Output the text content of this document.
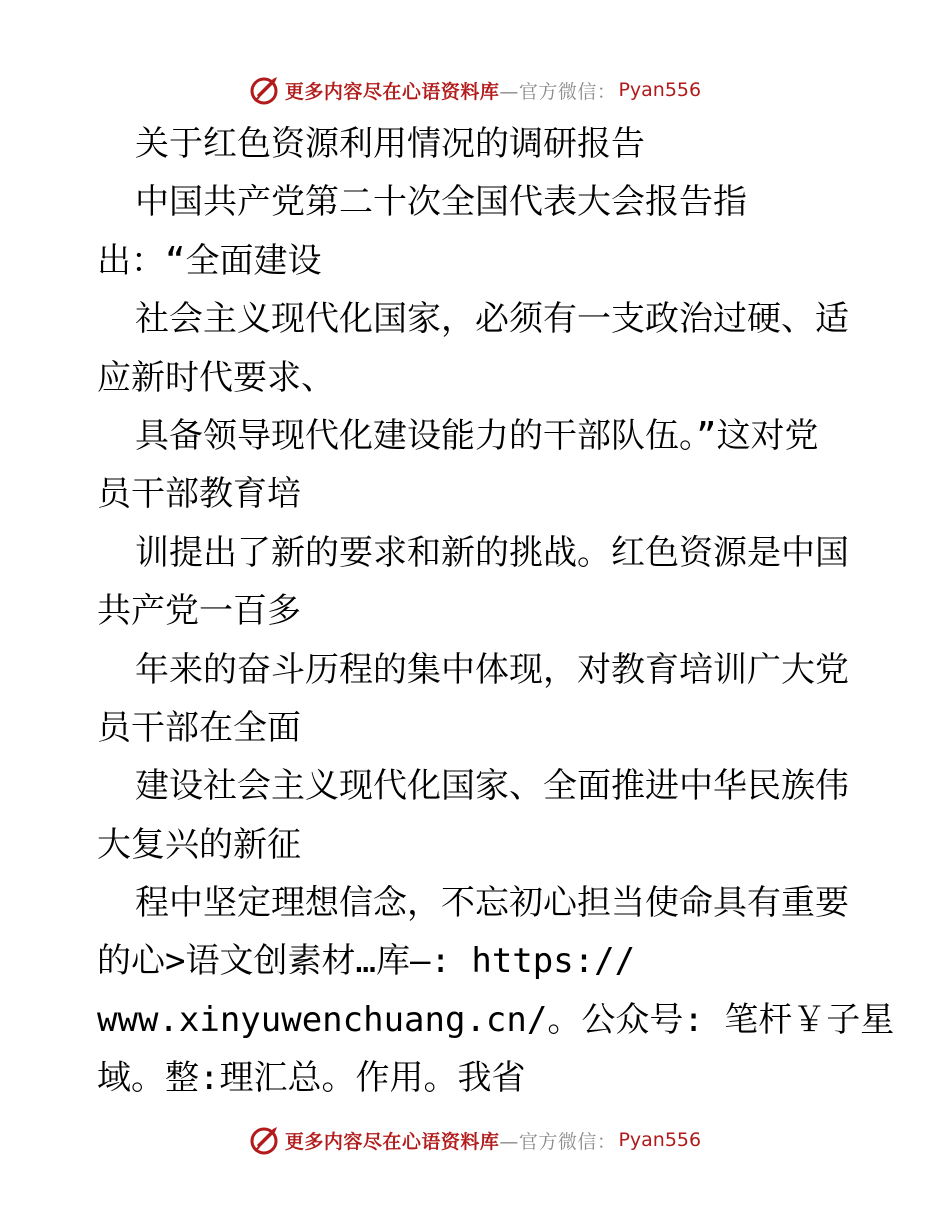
更多内容尽在心语资料库 —官方微信： Pyan556
关于红色资源利用情况的调研报告
中国共产党第二十次全国代表大会报告指
出：“全面建设
社会主义现代化国家，必须有一支政治过硬、适
应新时代要求、
具备领导现代化建设能力的干部队伍。”这对党
员干部教育培
训提出了新的要求和新的挑战。红色资源是中国
共产党一百多
年来的奋斗历程的集中体现，对教育培训广大党
员干部在全面
建设社会主义现代化国家、全面推进中华民族伟
大复兴的新征
程中坚定理想信念，不忘初心担当使命具有重要
的心>语文创素材…库—: https://
www.xinyuwenchuang.cn/。公众号: 笔杆￥子星
域。整:理汇总。作用。我省
更多内容尽在心语资料库 —官方微信： Pyan556
